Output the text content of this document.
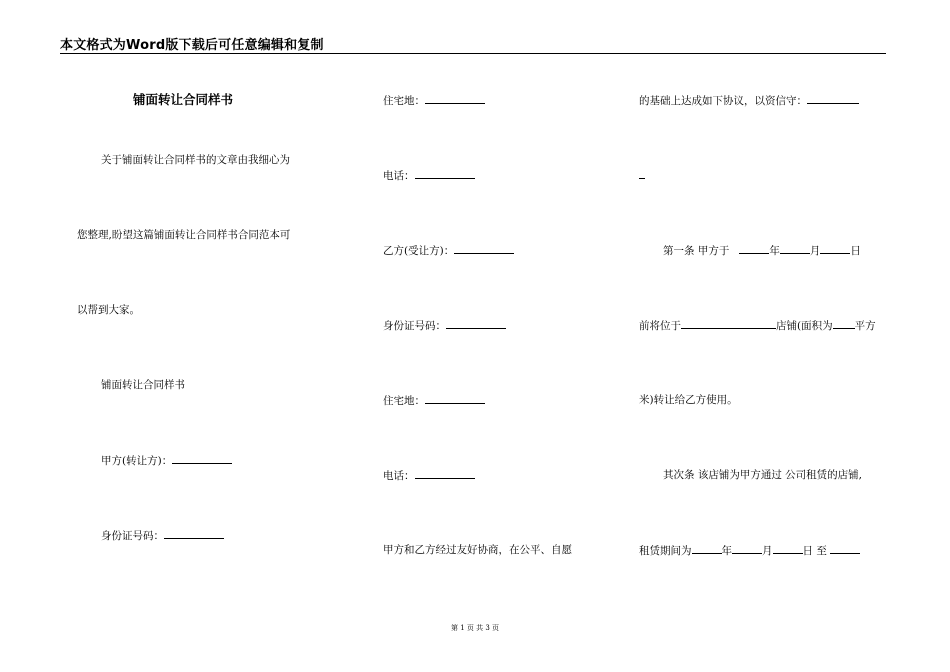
本文格式为Word版下载后可任意编辑和复制
铺面转让合同样书
关于铺面转让合同样书的文章由我细心为
您整理,盼望这篇铺面转让合同样书合同范本可
以帮到大家。
铺面转让合同样书
甲方(转让方)：
身份证号码：
住宅地：
电话：
乙方(受让方)：
身份证号码：
住宅地：
电话：
甲方和乙方经过友好协商，在公平、自愿
的基础上达成如下协议，以资信守：
第一条 甲方于	年	月	日
前将位于	店铺(面积为 平方
米)转让给乙方使用。
其次条 该店铺为甲方通过 公司租赁的店铺,
租赁期间为	年	月	日 至
第 1 页 共 3 页
